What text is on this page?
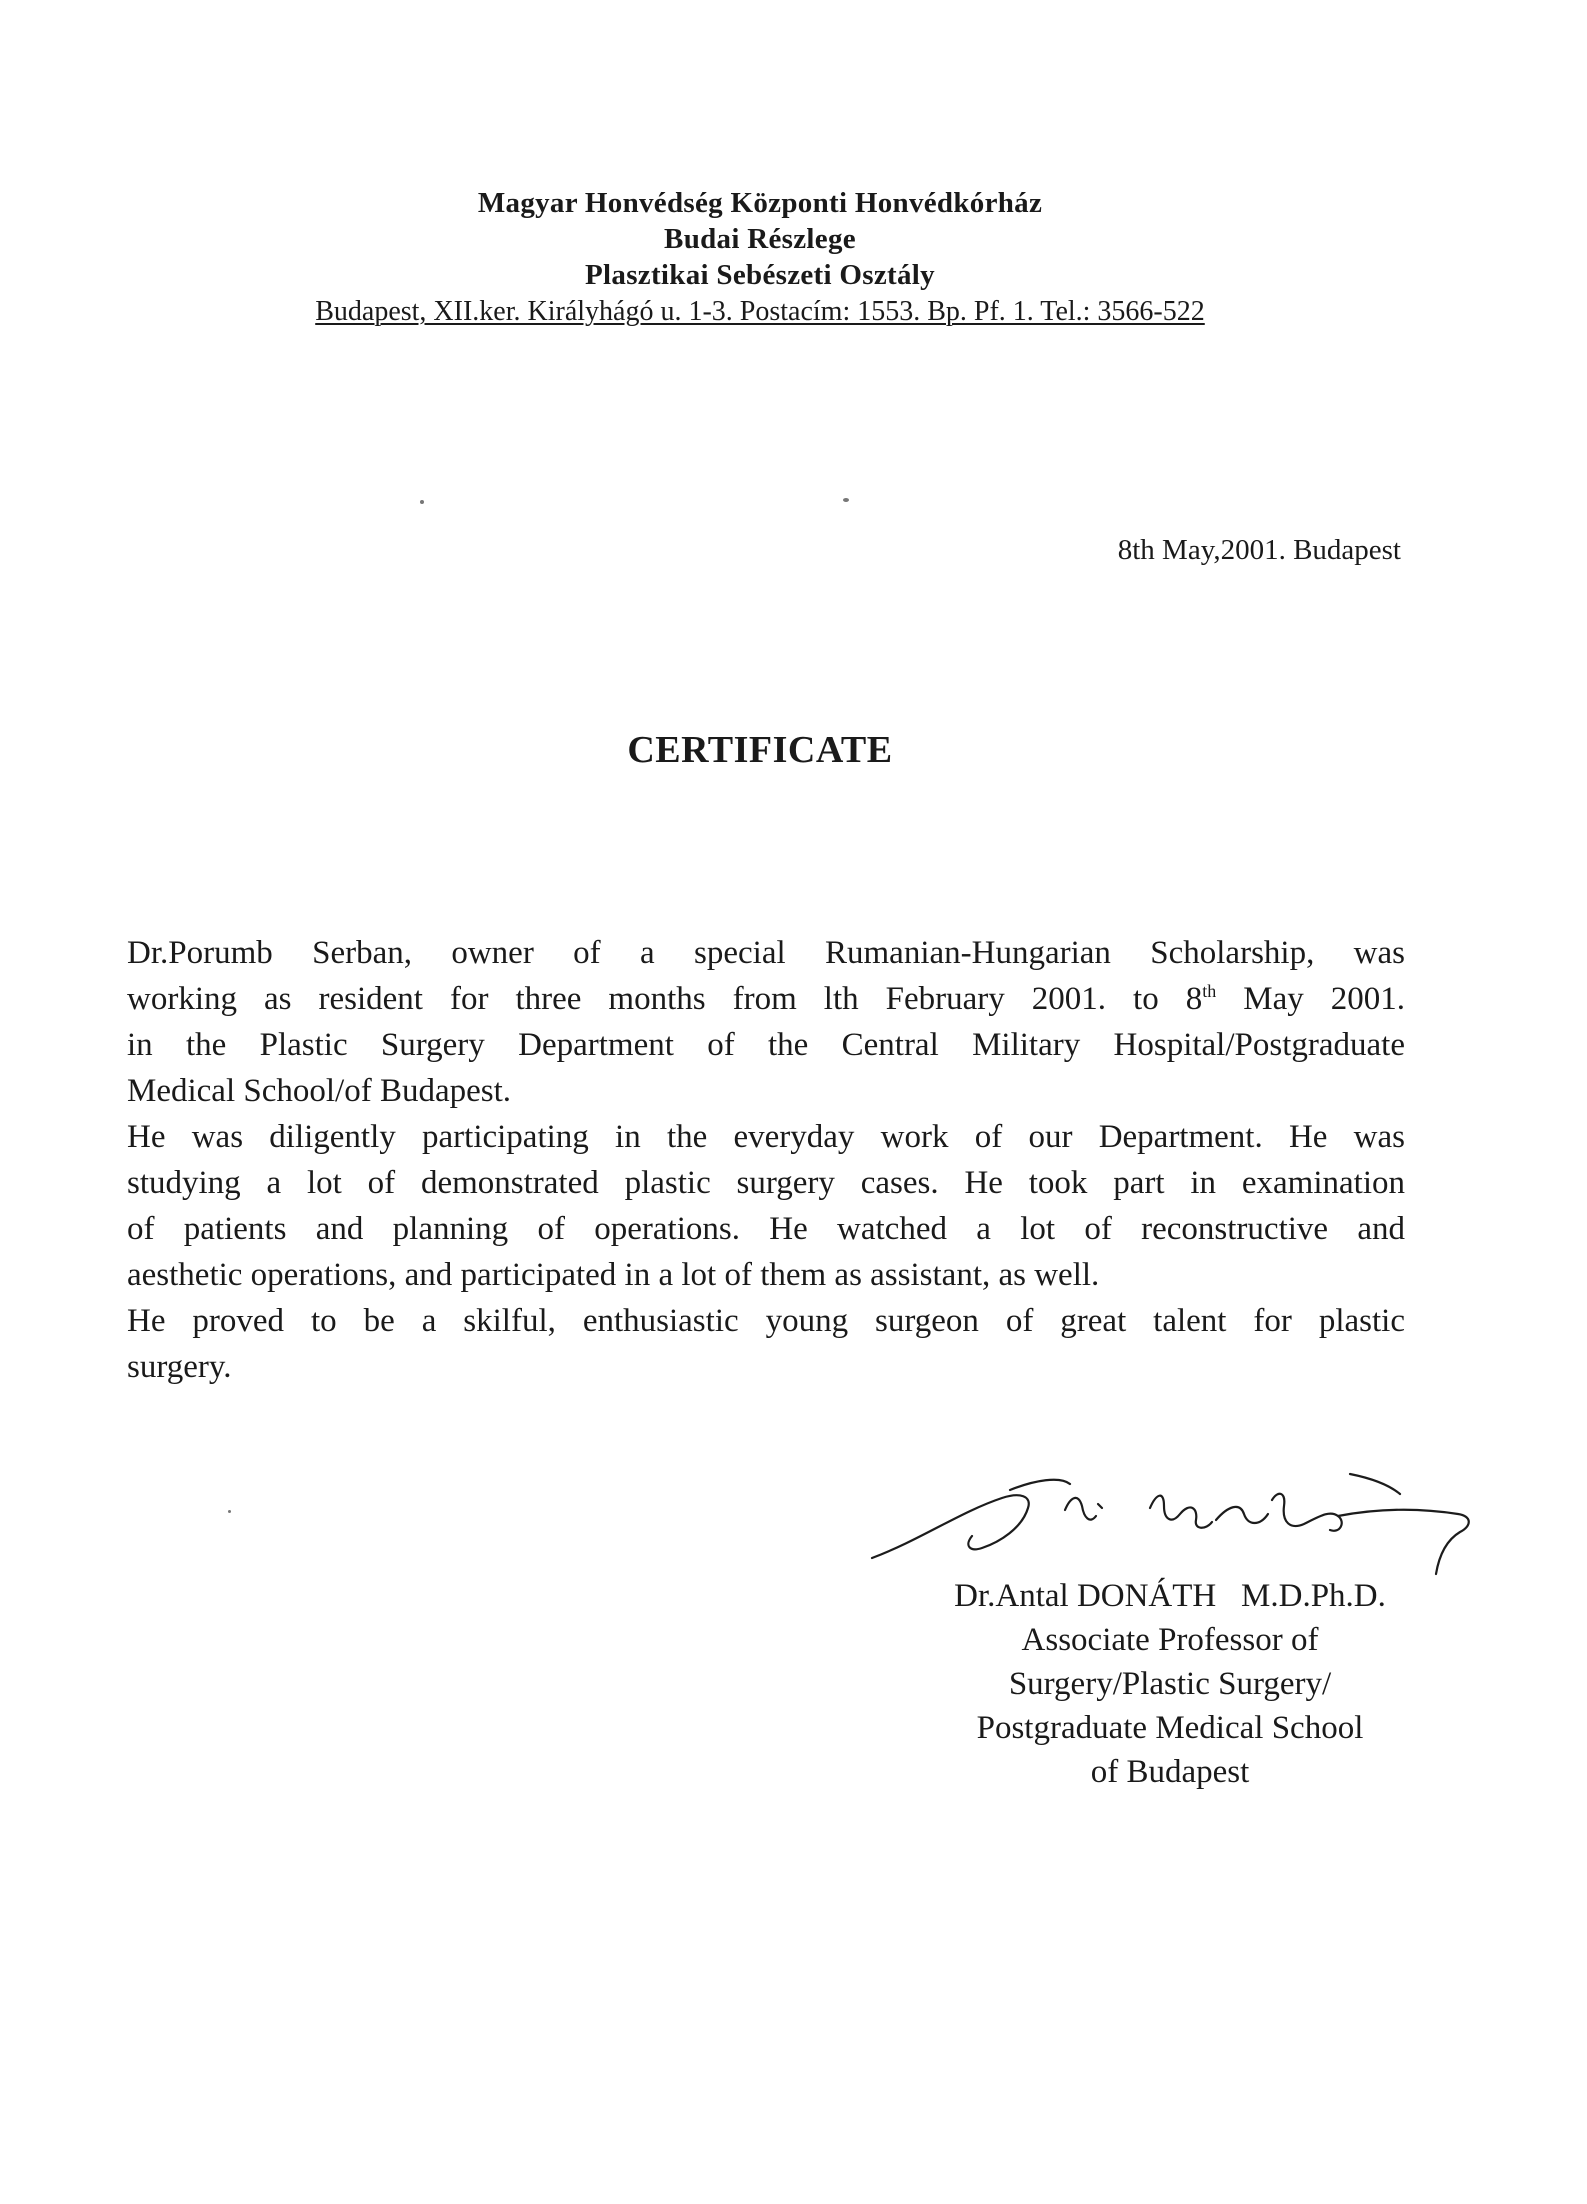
Magyar Honvédség Központi Honvédkórház
Budai Részlege
Plasztikai Sebészeti Osztály
Budapest, XII.ker. Királyhágó u. 1-3. Postacím: 1553. Bp. Pf. 1. Tel.: 3566-522
8th May,2001. Budapest
CERTIFICATE
Dr.Porumb Serban, owner of a special Rumanian-Hungarian Scholarship, was
working as resident for three months from lth February 2001. to 8th May 2001.
in the Plastic Surgery Department of the Central Military Hospital/Postgraduate
Medical School/of Budapest.
He was diligently participating in the everyday work of our Department. He was
studying a lot of demonstrated plastic surgery cases. He took part in examination
of patients and planning of operations. He watched a lot of reconstructive and
aesthetic operations, and participated in a lot of them as assistant, as well.
He proved to be a skilful, enthusiastic young surgeon of great talent for plastic
surgery.
Dr.Antal DONÁTH M.D.Ph.D.
Associate Professor of
Surgery/Plastic Surgery/
Postgraduate Medical School
of Budapest
